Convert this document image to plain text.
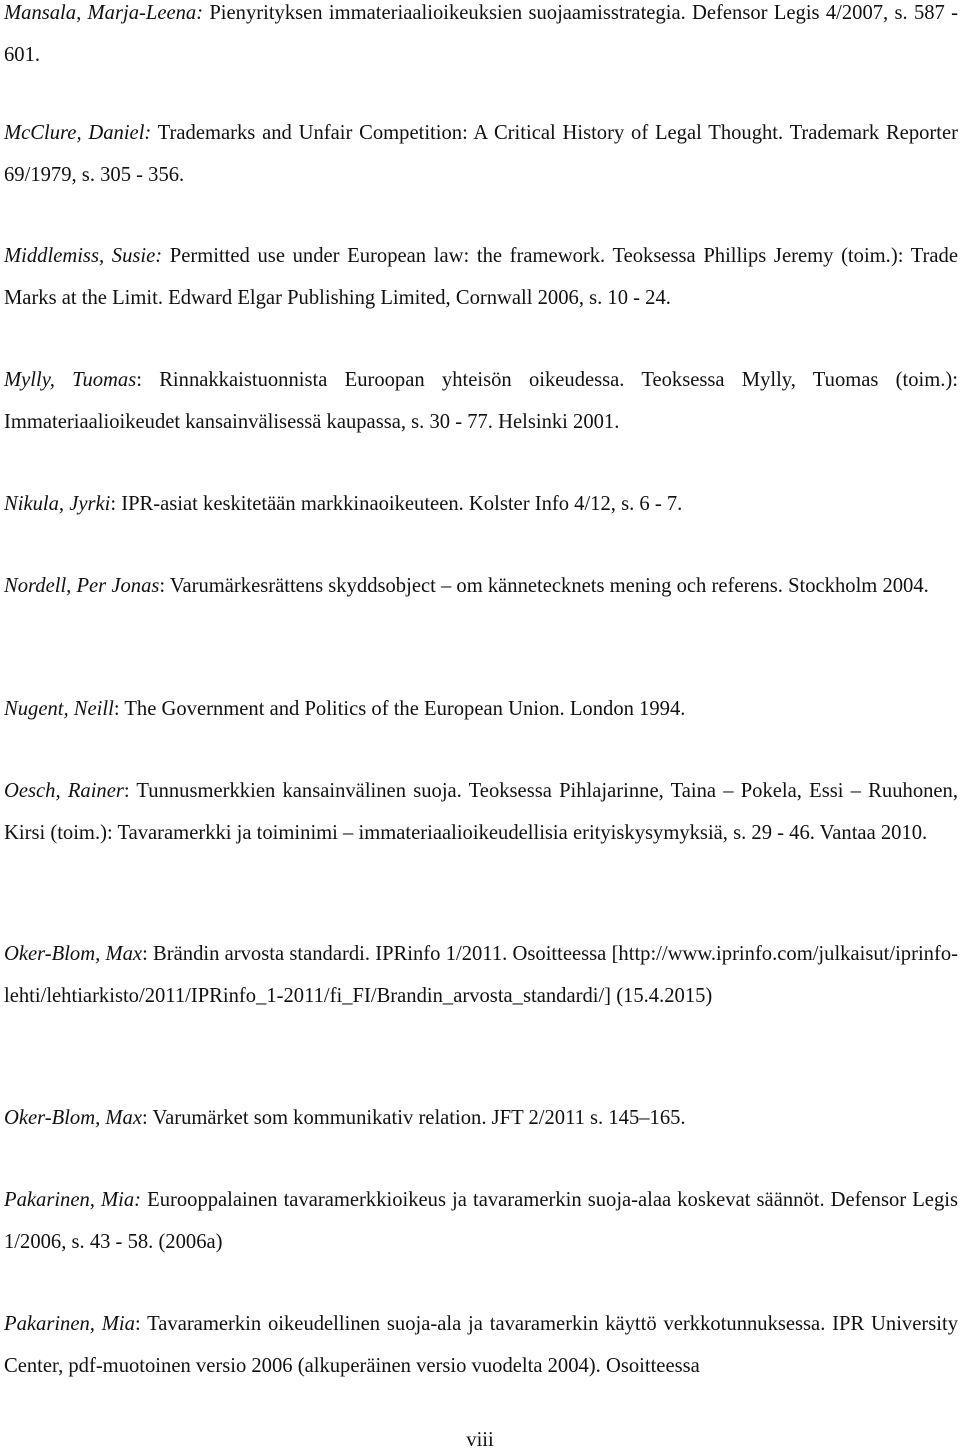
Mansala, Marja-Leena: Pienyrityksen immateriaalioikeuksien suojaamisstrategia. Defensor Legis 4/2007, s. 587 - 601.
McClure, Daniel: Trademarks and Unfair Competition: A Critical History of Legal Thought. Trademark Reporter 69/1979, s. 305 - 356.
Middlemiss, Susie: Permitted use under European law: the framework. Teoksessa Phillips Jeremy (toim.): Trade Marks at the Limit. Edward Elgar Publishing Limited, Cornwall 2006, s. 10 - 24.
Mylly, Tuomas: Rinnakkaistuonnista Euroopan yhteisön oikeudessa. Teoksessa Mylly, Tuomas (toim.): Immateriaalioikeudet kansainvälisessä kaupassa, s. 30 - 77. Helsinki 2001.
Nikula, Jyrki: IPR-asiat keskitetään markkinaoikeuteen. Kolster Info 4/12, s. 6 - 7.
Nordell, Per Jonas: Varumärkesrättens skyddsobject – om kännetecknets mening och referens. Stockholm 2004.
Nugent, Neill: The Government and Politics of the European Union. London 1994.
Oesch, Rainer: Tunnusmerkkien kansainvälinen suoja. Teoksessa Pihlajarinne, Taina – Pokela, Essi – Ruuhonen, Kirsi (toim.): Tavaramerkki ja toiminimi – immateriaalioikeudellisia erityiskysymyksiä, s. 29 - 46. Vantaa 2010.
Oker-Blom, Max: Brändin arvosta standardi. IPRinfo 1/2011. Osoitteessa [http://www.iprinfo.com/julkaisut/iprinfo-lehti/lehtiarkisto/2011/IPRinfo_1-2011/fi_FI/Brandin_arvosta_standardi/] (15.4.2015)
Oker-Blom, Max: Varumärket som kommunikativ relation. JFT 2/2011 s. 145–165.
Pakarinen, Mia: Eurooppalainen tavaramerkkioikeus ja tavaramerkin suoja-alaa koskevat säännöt. Defensor Legis 1/2006, s. 43 - 58. (2006a)
Pakarinen, Mia: Tavaramerkin oikeudellinen suoja-ala ja tavaramerkin käyttö verkkotunnuksessa. IPR University Center, pdf-muotoinen versio 2006 (alkuperäinen versio vuodelta 2004). Osoitteessa
viii
